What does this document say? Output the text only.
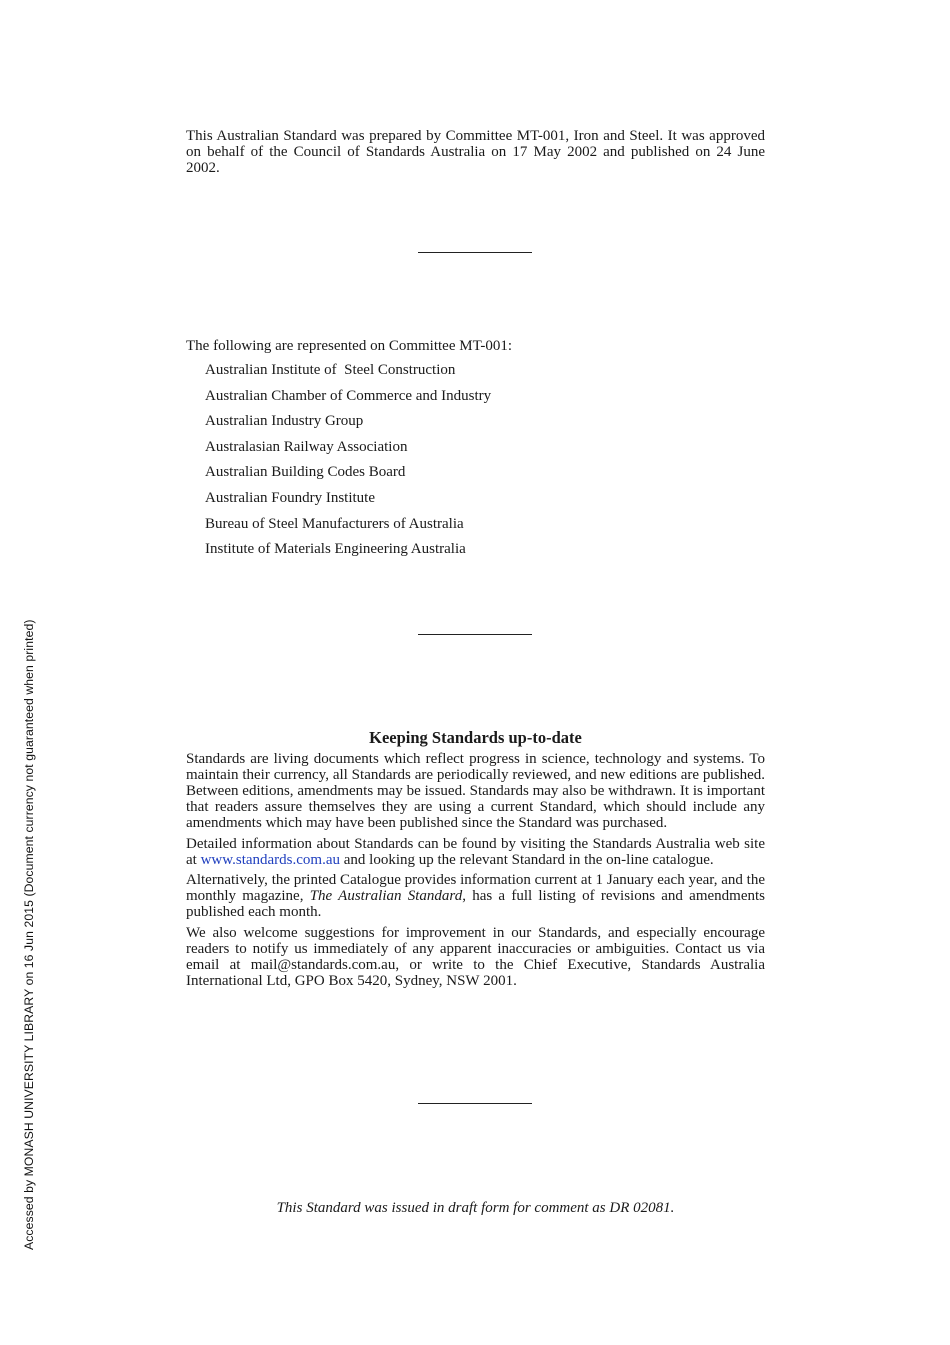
Accessed by MONASH UNIVERSITY LIBRARY on 16 Jun 2015 (Document currency not guaranteed when printed)

This Australian Standard was prepared by Committee MT-001, Iron and Steel. It was approved on behalf of the Council of Standards Australia on 17 May 2002 and published on 24 June 2002.

The following are represented on Committee MT-001:

Australian Institute of  Steel Construction
Australian Chamber of Commerce and Industry
Australian Industry Group
Australasian Railway Association
Australian Building Codes Board
Australian Foundry Institute
Bureau of Steel Manufacturers of Australia
Institute of Materials Engineering Australia
Keeping Standards up-to-date

Standards are living documents which reflect progress in science, technology and systems. To maintain their currency, all Standards are periodically reviewed, and new editions are published. Between editions, amendments may be issued. Standards may also be withdrawn. It is important that readers assure themselves they are using a current Standard, which should include any amendments which may have been published since the Standard was purchased.

Detailed information about Standards can be found by visiting the Standards Australia web site at www.standards.com.au and looking up the relevant Standard in the on-line catalogue.

Alternatively, the printed Catalogue provides information current at 1 January each year, and the monthly magazine, The Australian Standard, has a full listing of revisions and amendments published each month.

We also welcome suggestions for improvement in our Standards, and especially encourage readers to notify us immediately of any apparent inaccuracies or ambiguities. Contact us via email at mail@standards.com.au, or write to the Chief Executive, Standards Australia International Ltd, GPO Box 5420, Sydney, NSW 2001.

This Standard was issued in draft form for comment as DR 02081.
